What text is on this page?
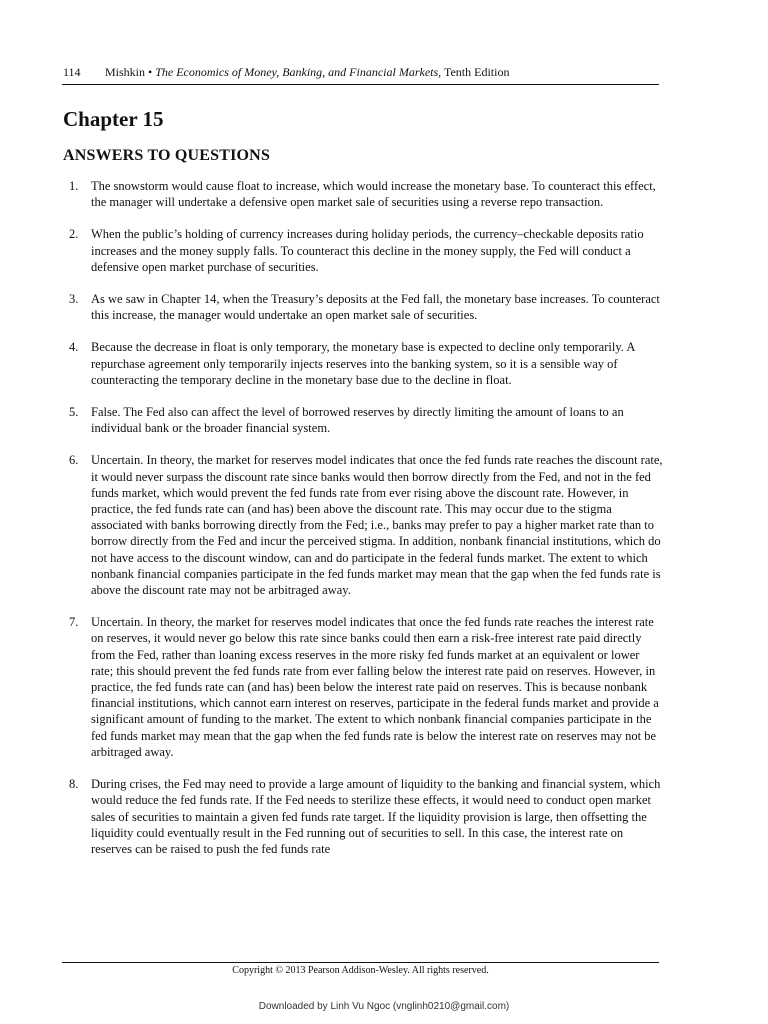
114 Mishkin • The Economics of Money, Banking, and Financial Markets, Tenth Edition
Chapter 15
ANSWERS TO QUESTIONS
1. The snowstorm would cause float to increase, which would increase the monetary base. To counteract this effect, the manager will undertake a defensive open market sale of securities using a reverse repo transaction.
2. When the public’s holding of currency increases during holiday periods, the currency–checkable deposits ratio increases and the money supply falls. To counteract this decline in the money supply, the Fed will conduct a defensive open market purchase of securities.
3. As we saw in Chapter 14, when the Treasury’s deposits at the Fed fall, the monetary base increases. To counteract this increase, the manager would undertake an open market sale of securities.
4. Because the decrease in float is only temporary, the monetary base is expected to decline only temporarily. A repurchase agreement only temporarily injects reserves into the banking system, so it is a sensible way of counteracting the temporary decline in the monetary base due to the decline in float.
5. False. The Fed also can affect the level of borrowed reserves by directly limiting the amount of loans to an individual bank or the broader financial system.
6. Uncertain. In theory, the market for reserves model indicates that once the fed funds rate reaches the discount rate, it would never surpass the discount rate since banks would then borrow directly from the Fed, and not in the fed funds market, which would prevent the fed funds rate from ever rising above the discount rate. However, in practice, the fed funds rate can (and has) been above the discount rate. This may occur due to the stigma associated with banks borrowing directly from the Fed; i.e., banks may prefer to pay a higher market rate than to borrow directly from the Fed and incur the perceived stigma. In addition, nonbank financial institutions, which do not have access to the discount window, can and do participate in the federal funds market. The extent to which nonbank financial companies participate in the fed funds market may mean that the gap when the fed funds rate is above the discount rate may not be arbitraged away.
7. Uncertain. In theory, the market for reserves model indicates that once the fed funds rate reaches the interest rate on reserves, it would never go below this rate since banks could then earn a risk-free interest rate paid directly from the Fed, rather than loaning excess reserves in the more risky fed funds market at an equivalent or lower rate; this should prevent the fed funds rate from ever falling below the interest rate paid on reserves. However, in practice, the fed funds rate can (and has) been below the interest rate paid on reserves. This is because nonbank financial institutions, which cannot earn interest on reserves, participate in the federal funds market and provide a significant amount of funding to the market. The extent to which nonbank financial companies participate in the fed funds market may mean that the gap when the fed funds rate is below the interest rate on reserves may not be arbitraged away.
8. During crises, the Fed may need to provide a large amount of liquidity to the banking and financial system, which would reduce the fed funds rate. If the Fed needs to sterilize these effects, it would need to conduct open market sales of securities to maintain a given fed funds rate target. If the liquidity provision is large, then offsetting the liquidity could eventually result in the Fed running out of securities to sell. In this case, the interest rate on reserves can be raised to push the fed funds rate
Copyright © 2013 Pearson Addison-Wesley. All rights reserved.
Downloaded by Linh Vu Ngoc (vnglinh0210@gmail.com)
